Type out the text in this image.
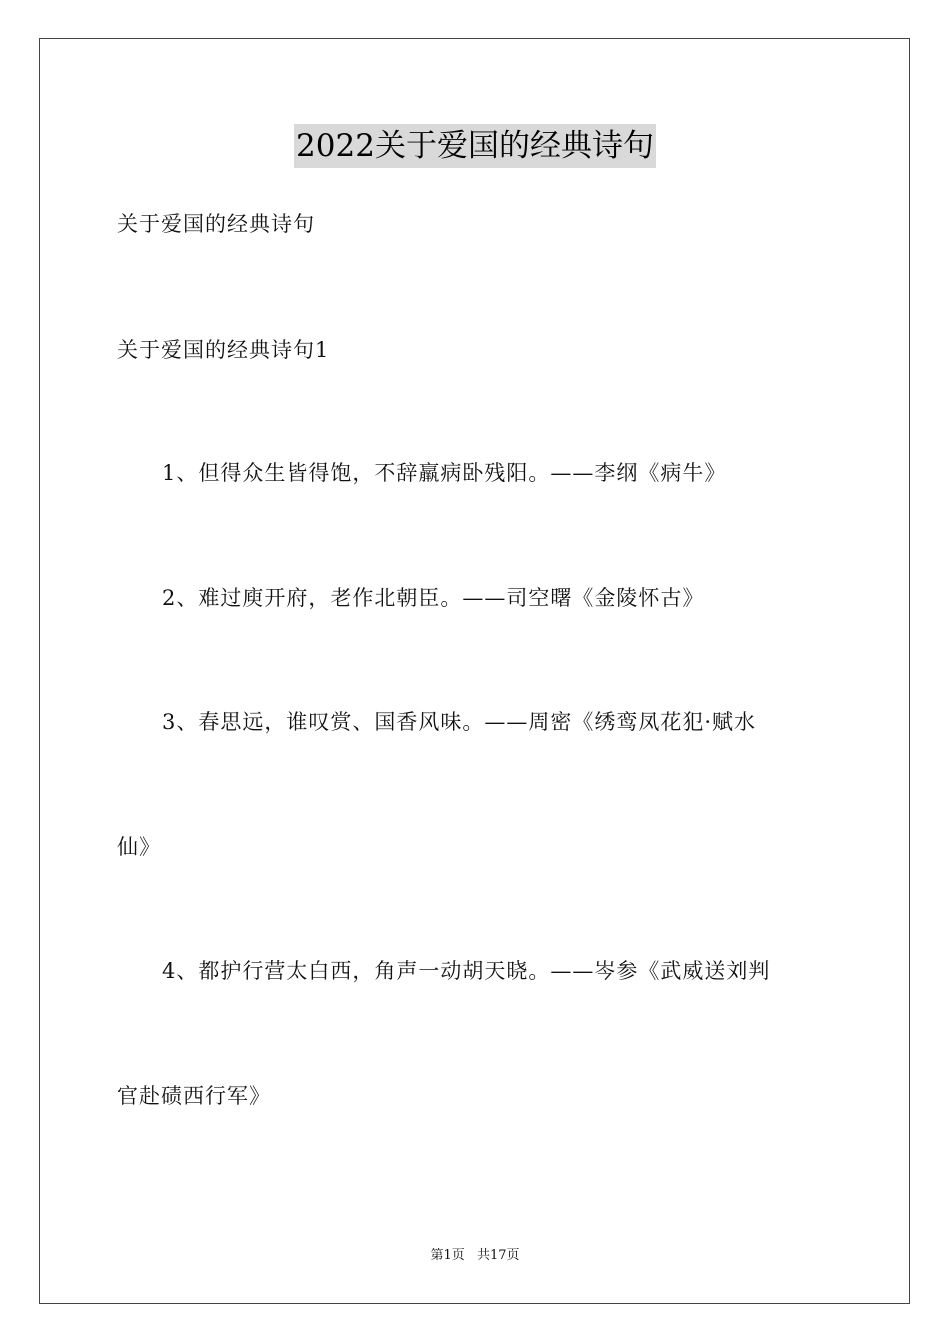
2022关于爱国的经典诗句
关于爱国的经典诗句
关于爱国的经典诗句1
1、但得众生皆得饱，不辞羸病卧残阳。——李纲《病牛》
2、难过庾开府，老作北朝臣。——司空曙《金陵怀古》
3、春思远，谁叹赏、国香风味。——周密《绣鸾凤花犯·赋水
仙》
4、都护行营太白西，角声一动胡天晓。——岑参《武威送刘判
官赴碛西行军》
第1页 共17页
